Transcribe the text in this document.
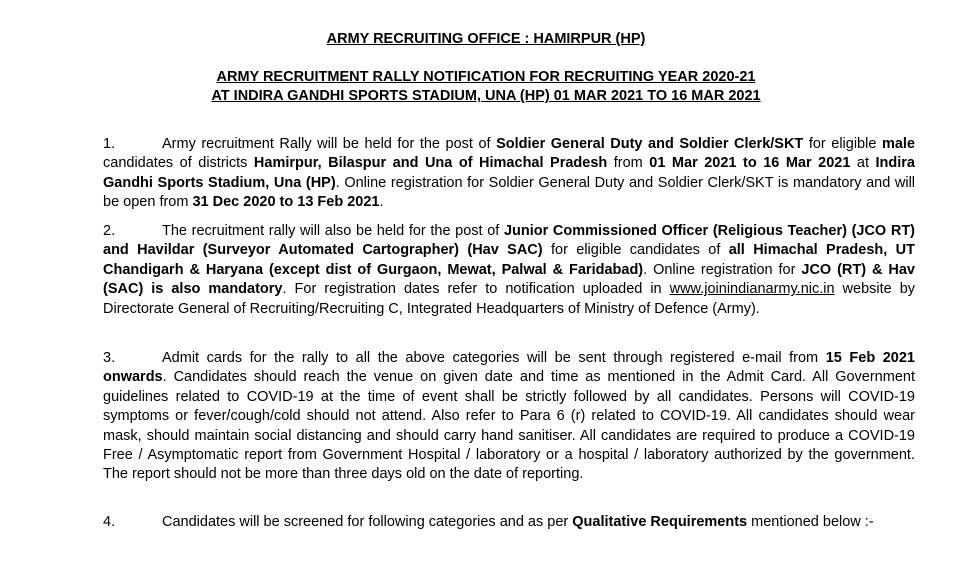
ARMY RECRUITING OFFICE : HAMIRPUR (HP)
ARMY RECRUITMENT RALLY NOTIFICATION FOR RECRUITING YEAR 2020-21
AT INDIRA GANDHI SPORTS STADIUM, UNA (HP) 01 MAR 2021 TO 16 MAR 2021
1.	Army recruitment Rally will be held for the post of Soldier General Duty and Soldier Clerk/SKT for eligible male candidates of districts Hamirpur, Bilaspur and Una of Himachal Pradesh from 01 Mar 2021 to 16 Mar 2021 at Indira Gandhi Sports Stadium, Una (HP). Online registration for Soldier General Duty and Soldier Clerk/SKT is mandatory and will be open from 31 Dec 2020 to 13 Feb 2021.
2.	The recruitment rally will also be held for the post of Junior Commissioned Officer (Religious Teacher) (JCO RT) and Havildar (Surveyor Automated Cartographer) (Hav SAC) for eligible candidates of all Himachal Pradesh, UT Chandigarh & Haryana (except dist of Gurgaon, Mewat, Palwal & Faridabad). Online registration for JCO (RT) & Hav (SAC) is also mandatory. For registration dates refer to notification uploaded in www.joinindianarmy.nic.in website by Directorate General of Recruiting/Recruiting C, Integrated Headquarters of Ministry of Defence (Army).
3.	Admit cards for the rally to all the above categories will be sent through registered e-mail from 15 Feb 2021 onwards. Candidates should reach the venue on given date and time as mentioned in the Admit Card. All Government guidelines related to COVID-19 at the time of event shall be strictly followed by all candidates. Persons will COVID-19 symptoms or fever/cough/cold should not attend. Also refer to Para 6 (r) related to COVID-19. All candidates should wear mask, should maintain social distancing and should carry hand sanitiser. All candidates are required to produce a COVID-19 Free / Asymptomatic report from Government Hospital / laboratory or a hospital / laboratory authorized by the government. The report should not be more than three days old on the date of reporting.
4.	Candidates will be screened for following categories and as per Qualitative Requirements mentioned below :-
